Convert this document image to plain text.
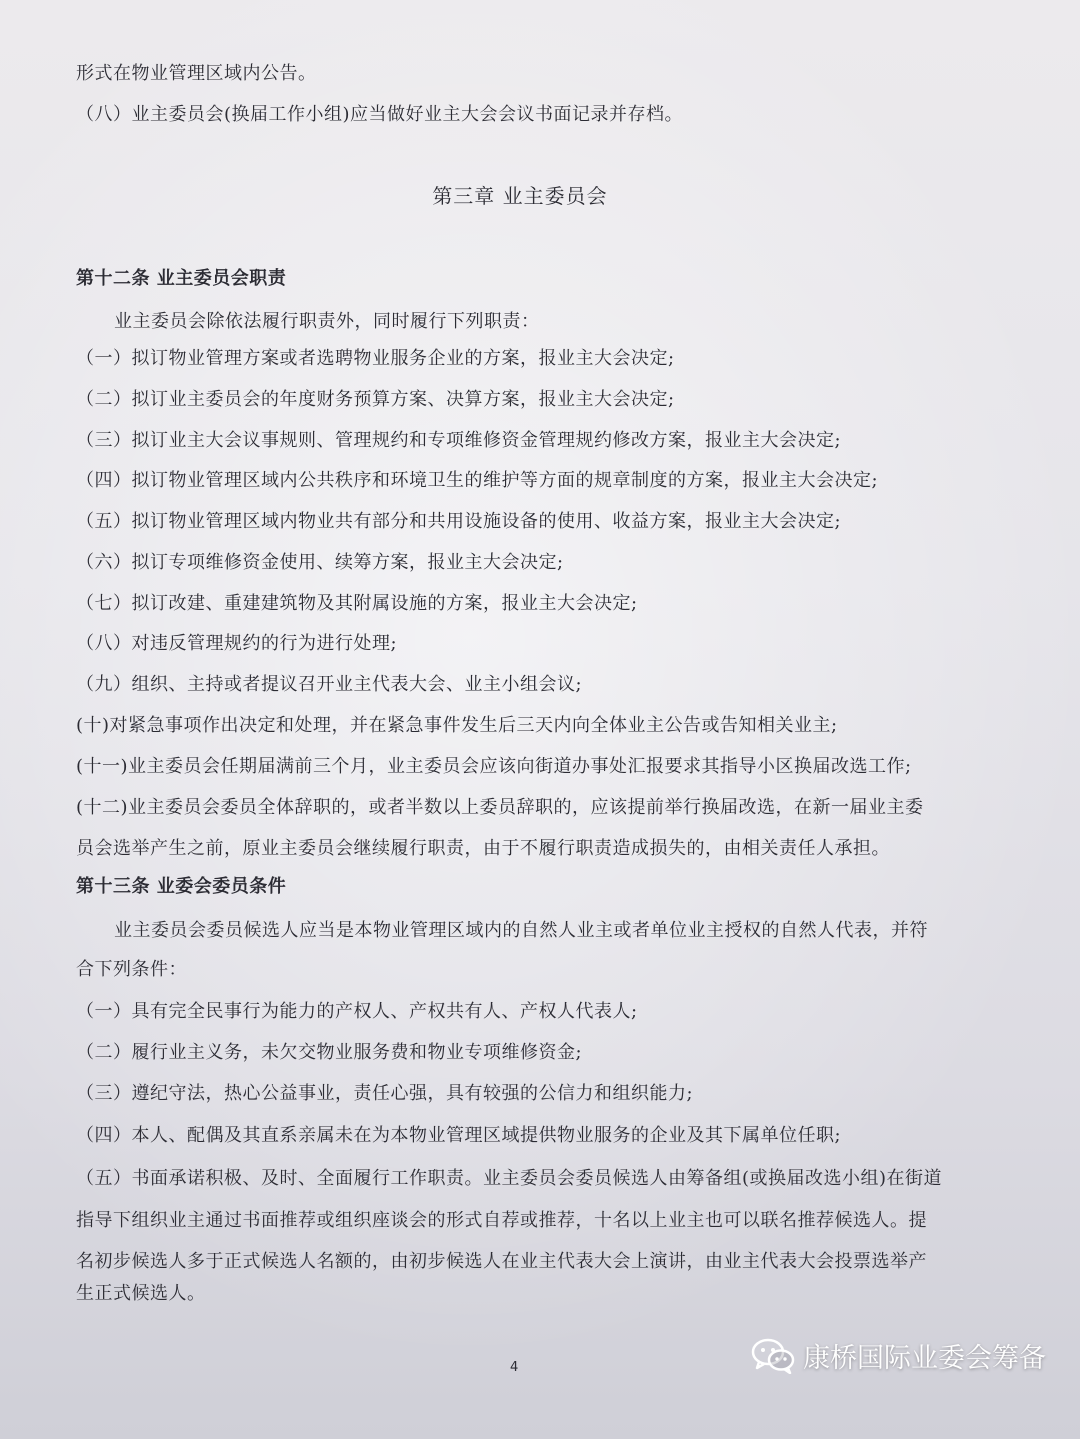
形式在物业管理区域内公告。
（八）业主委员会(换届工作小组)应当做好业主大会会议书面记录并存档。
第三章 业主委员会
第十二条 业主委员会职责
业主委员会除依法履行职责外，同时履行下列职责：
（一）拟订物业管理方案或者选聘物业服务企业的方案，报业主大会决定;
（二）拟订业主委员会的年度财务预算方案、决算方案，报业主大会决定;
（三）拟订业主大会议事规则、管理规约和专项维修资金管理规约修改方案，报业主大会决定;
（四）拟订物业管理区域内公共秩序和环境卫生的维护等方面的规章制度的方案，报业主大会决定;
（五）拟订物业管理区域内物业共有部分和共用设施设备的使用、收益方案，报业主大会决定;
（六）拟订专项维修资金使用、续筹方案，报业主大会决定;
（七）拟订改建、重建建筑物及其附属设施的方案，报业主大会决定;
（八）对违反管理规约的行为进行处理;
（九）组织、主持或者提议召开业主代表大会、业主小组会议;
(十)对紧急事项作出决定和处理，并在紧急事件发生后三天内向全体业主公告或告知相关业主;
(十一)业主委员会任期届满前三个月，业主委员会应该向街道办事处汇报要求其指导小区换届改选工作;
(十二)业主委员会委员全体辞职的，或者半数以上委员辞职的，应该提前举行换届改选，在新一届业主委
员会选举产生之前，原业主委员会继续履行职责，由于不履行职责造成损失的，由相关责任人承担。
第十三条 业委会委员条件
业主委员会委员候选人应当是本物业管理区域内的自然人业主或者单位业主授权的自然人代表，并符
合下列条件：
（一）具有完全民事行为能力的产权人、产权共有人、产权人代表人;
（二）履行业主义务，未欠交物业服务费和物业专项维修资金;
（三）遵纪守法，热心公益事业，责任心强，具有较强的公信力和组织能力;
（四）本人、配偶及其直系亲属未在为本物业管理区域提供物业服务的企业及其下属单位任职;
（五）书面承诺积极、及时、全面履行工作职责。业主委员会委员候选人由筹备组(或换届改选小组)在街道
指导下组织业主通过书面推荐或组织座谈会的形式自荐或推荐，十名以上业主也可以联名推荐候选人。提
名初步候选人多于正式候选人名额的，由初步候选人在业主代表大会上演讲，由业主代表大会投票选举产
生正式候选人。
4	康桥国际业委会筹备
